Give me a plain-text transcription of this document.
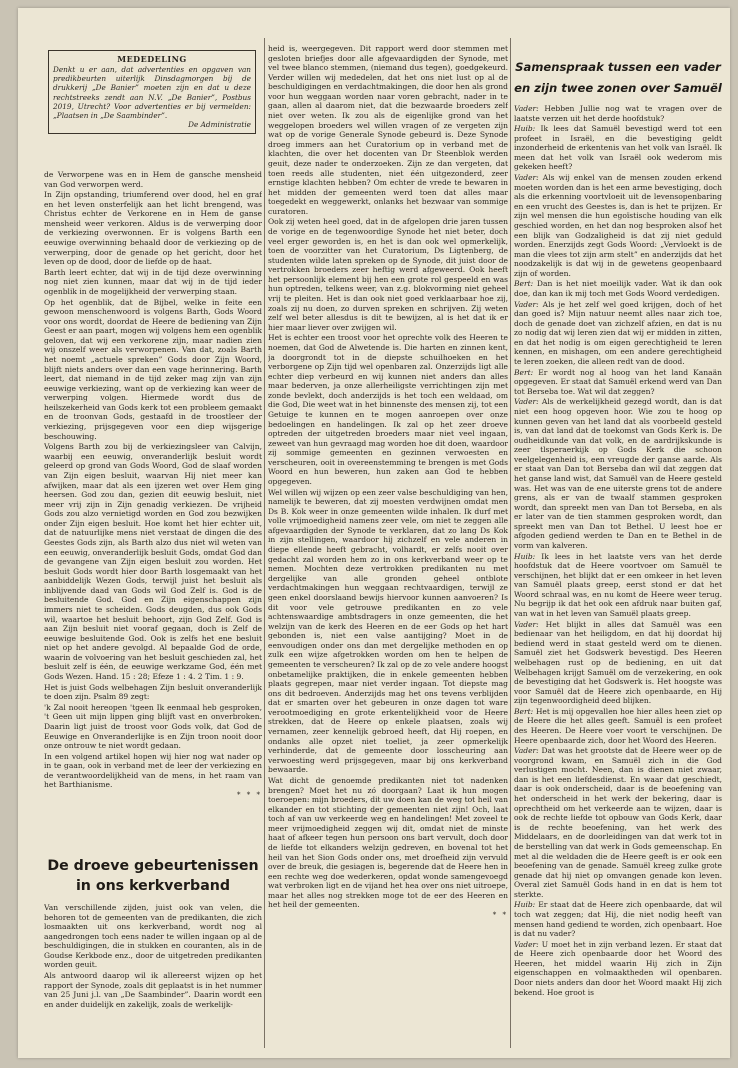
MEDEDELING

Denkt u er aan, dat advertenties en opgaven van predikbeurten uiterlijk Dinsdagmorgen bij de drukkerij „De Banier” moeten zijn en dat u deze rechtstreeks zendt aan N.V. „De Banier”, Postbus 2019, Utrecht? Voor advertenties er bij vermelden: „Plaatsen in „De Saambinder”.

De Administratie

de Verworpene was en in Hem de gansche mensheid van God verworpen werd.

In Zijn opstanding, triumferend over dood, hel en graf en het leven onsterfelijk aan het licht brengend, was Christus echter de Verkorene en in Hem de ganse mensheid weer verkoren. Aldus is de verwerping door de verkiezing overwonnen. Er is volgens Barth een eeuwige overwinning behaald door de verkiezing op de verwerping, door de genade op het gericht, door het leven op de dood, door de liefde op de haat.

Barth leert echter, dat wij in de tijd deze overwinning nog niet zien kunnen, maar dat wij in de tijd ieder ogenblik in de mogelijkheid der verwerping staan.

Op het ogenblik, dat de Bijbel, welke in feite een gewoon menschenwoord is volgens Barth, Gods Woord voor ons wordt, doordat de Heere de bediening van Zijn Geest er aan paart, mogen wij volgens hem een ogenblik geloven, dat wij een verkorene zijn, maar nadien zien wij onszelf weer als verworpenen. Van dat, zoals Barth het noemt „actuele spreken” Gods door Zijn Woord, blijft niets anders over dan een vage herinnering. Barth leert, dat niemand in de tijd zeker mag zijn van zijn eeuwige verkiezing, want op de verkiezing kan weer de verwerping volgen. Hiermede wordt dus de heilszekerheid van Gods kerk tot een probleem gemaakt en de troonvan Gods, gestaafd in de troostleer der verkiezing, prijsgegeven voor een diep wijsgerige beschouwing.

Volgens Barth zou bij de verkiezingsleer van Calvijn, waarbij een eeuwig, onveranderlijk besluit wordt geleerd op grond van Gods Woord, God de slaaf worden van Zijn eigen besluit, waarvan Hij niet meer kan afwijken, maar dat als een ijzeren wet over Hem ging heersen. God zou dan, gezien dit eeuwig besluit, niet meer vrij zijn in Zijn genadig verkiezen. De vrijheid Gods zou alzo vernietigd worden en God zou bezwijken onder Zijn eigen besluit. Hoe komt het hier echter uit, dat de natuurlijke mens niet verstaat de dingen die des Geestes Gods zijn, als Barth alzo dus niet wil weten van een eeuwig, onveranderlijk besluit Gods, omdat God dan de gevangene van Zijn eigen besluit zou worden. Het besluit Gods wordt hier door Barth losgemaakt van het aanbiddelijk Wezen Gods, terwijl juist het besluit als inblijvende daad van Gods wil God Zelf is. God is de besluitende God. God en Zijn eigenschappen zijn immers niet te scheiden. Gods deugden, dus ook Gods wil, waartoe het besluit behoort, zijn God Zelf. God is aan Zijn besluit niet vooraf gegaan, doch is Zelf de eeuwige besluitende God. Ook is zelfs het ene besluit niet op het andere gevolgd. Al bepaalde God de orde, waarin de volvoering van het besluit geschieden zal, het besluit zelf is één, de eeuwige werkzame God, één met Gods Wezen. Hand. 15 : 28; Efeze 1 : 4. 2 Tim. 1 : 9.

Het is juist Gods welbehagen Zijn besluit onveranderlijk te doen zijn. Psalm 89 zegt:

'k Zal nooit hereopen 'tgeen Ik eenmaal heb gesproken, 't Geen uit mijn lippen ging blijft vast en onverbroken. Daarin ligt juist de troost voor Gods volk, dat God de Eeuwige en Onveranderlijke is en Zijn troon nooit door onze ontrouw te niet wordt gedaan.

In een volgend artikel hopen wij hier nog wat nader op in te gaan, ook in verband met de leer der verkiezing en de verantwoordelijkheid van de mens, in het raam van het Barthianisme.

* * *
De droeve gebeurtenissen in ons kerkverband

Van verschillende zijden, juist ook van velen, die behoren tot de gemeenten van de predikanten, die zich losmaakten uit ons kerkverband, wordt nog al aangedrongen toch eens nader te willen ingaan op al de beschuldigingen, die in stukken en couranten, als in de Goudse Kerkbode enz., door de uitgetreden predikanten worden geuit.

Als antwoord daarop wil ik allereerst wijzen op het rapport der Synode, zoals dit geplaatst is in het nummer van 25 Juni j.l. van „De Saambinder”. Daarin wordt een en ander duidelijk en zakelijk, zoals de werkelijk-

heid is, weergegeven. Dit rapport werd door stemmen met gesloten briefjes door alle afgevaardigden der Synode, met vel twee blanco stemmen, (niemand dus tegen), goedgekeurd. Verder willen wij mededelen, dat het ons niet lust op al de beschuldigingen en verdachtmakingen, die door hen als grond voor hun weggaan worden naar voren gebracht, nader in te gaan, allen al daarom niet, dat die bezwaarde broeders zelf niet over weten. Ik zou als de eigenlijke grond van het weggelopen broeders wel willen vragen of ze vergeten zijn wat op de vorige Generale Synode gebeurd is. Deze Synode droeg immers aan het Curatorium op in verband met de klachten, die over het docenten van Dr Steenblok werden geuit, deze nader te onderzoeken. Zijn ze dan vergeten, dat toen reeds alle studenten, niet één uitgezonderd, zeer ernstige klachten hebben? Om echter de vrede te bewaren in het midden der gemeenten werd toen dat alles maar toegedekt en weggewerkt, onlanks het bezwaar van sommige curatoren.

Ook zij weten heel goed, dat in de afgelopen drie jaren tussen de vorige en de tegenwoordige Synode het niet beter, doch veel erger geworden is, en het is dan ook wel opmerkelijk, toen de voorzitter van het Curatorium, Ds Ligtenberg, de studenten wilde laten spreken op de Synode, dit juist door de vertrokken broeders zeer heftig werd afgeweerd. Ook heeft het persoonlijk element bij hen een grote rol gespeeld en was hun optreden, telkens weer, van z.g. blokvorming niet geheel vrij te pleiten. Het is dan ook niet goed verklaarbaar hoe zij, zoals zij nu doen, zo durven spreken en schrijven. Zij weten zelf wel beter allesdus is dit te bewijzen, al is het dat ik er hier maar liever over zwijgen wil.

Het is echter een troost voor het oprechte volk des Heeren te noemen, dat God de Alwetende is. Die harten en zinnen kent, ja doorgrondt tot in de diepste schuilhoeken en het verborgene op Zijn tijd wel openbaren zal. Onzerzijds ligt alle echter diep verbeurd en wij kunnen niet anders dan alles maar bederven, ja onze allerheiligste verrichtingen zijn met zonde bevlekt, doch anderzijds is het toch een weldaad, om die God, Die weet wat in het binnenste des mensen zij, tot een Getuige te kunnen en te mogen aanroepen over onze bedoelingen en handelingen. Ik zal op het zeer droeve optreden der uitgetreden broeders maar niet veel ingaan, zeweet van hun gevraagd mag worden hoe dit doen, waardoor zij sommige gemeenten en gezinnen verwoesten en verscheuren, ooit in overeenstemming te brengen is met Gods Woord en hun beweren, hun zaken aan God te hebben opgegeven.

Wel willen wij wijzen op een zeer valse beschuldiging van hen, namelijk te beweren, dat zij moesten verdwijnen omdat men Ds B. Kok weer in onze gemeenten wilde inhalen. Ik durf met volle vrijmoedigheid namens zeer vele, om niet te zeggen alle afgevaardigden der Synode te verklaren, dat zo lang Ds Kok in zijn stellingen, waardoor hij zichzelf en vele anderen in diepe ellende heeft gebracht, volhardt, er zelfs nooit over gedacht zal worden hem zo in ons kerkverband weer op te nemen. Mochten deze vertrokken predikanten nu met dergelijke van alle gronden geheel ontblote verdachtmakingen hun weggaan rechtvaardigen, terwijl ze geen enkel doorslaand bewijs hiervoor kunnen aanvoeren? Is dit voor vele getrouwe predikanten en zo vele achtenswaardige ambtsdragers in onze gemeenten, die het welzijn van de kerk des Heeren en de eer Gods op het hart gebonden is, niet een valse aantijging? Moet in de eenvoudigen onder ons dan met dergelijke methoden en op zulk een wijze afgetrokken worden om hen te helpen de gemeenten te verscheuren? Ik zal op de zo vele andere hoogst onbetamelijke praktijken, die in enkele gemeenten hebben plaats gegrepen, maar niet verder ingaan. Tot diepste mag ons dit bedroeven. Anderzijds mag het ons tevens verblijden dat er smarten over het gebeuren in onze dagen tot ware verootmoediging en grote erkentelijkheid voor de Heere strekken, dat de Heere op enkele plaatsen, zoals wij vernamen, zeer kennelijk gebroed heeft, dat Hij roepen, en ondanks alle opzet niet toeliet, ja zeer opmerkelijk verhinderde, dat de gemeente door losscheuring aan verwoesting werd prijsgegeven, maar bij ons kerkverband bewaarde.

Wat dicht de genoemde predikanten niet tot nadenken brengen? Moet het nu zó doorgaan? Laat ik hun mogen toeroepen: mijn broeders, dit uw doen kan de weg tot heil van elkander en tot stichting der gemeenten niet zijn! Och, laat toch af van uw verkeerde weg en handelingen! Met zoveel te meer vrijmoedigheid zeggen wij dit, omdat niet de minste haat of afkeer tegen hun persoon ons bart vervult, doch door de liefde tot elkanders welzijn gedreven, en bovenal tot het heil van het Sion Gods onder ons, met droefheid zijn vervuld over de breuk, die gesiagen is, begerende dat de Heere hen in een rechte weg doe wederkeren, opdat wonde samengevoegd wat verbroken ligt en de vijand het hea over ons niet uitroepe, maar het alles nog strekken moge tot de eer des Heeren en het heil der gemeenten.

* *
Samenspraak tussen een vader en zijn twee zonen over Samuël

Vader: Hebben Jullie nog wat te vragen over de laatste verzen uit het derde hoofdstuk?

Huib: Ik lees dat Samuël bevestigd werd tot een profeet in Israël, en die bevestiging geldt inzonderheid de erkentenis van het volk van Israël. Ik meen dat het volk van Israël ook wederom mis gekeken heeft?

Vader: Als wij enkel van de mensen zouden erkend moeten worden dan is het een arme bevestiging, doch als die erkenning voortvloeit uit de levensopenbaring en een vrucht des Geestes is, dan is het te prijzen. Er zijn wel mensen die hun egoïstische houding van elk geschied worden, en het dan nog besproken alsof het een blijk van Godzaligheid is dat zij niet geduld worden. Enerzijds zegt Gods Woord: „Vervloekt is de man die vlees tot zijn arm stelt” en anderzijds dat het noodzakelijk is dat wij in de gewetens geopenbaard zijn of worden.

Bert: Dan is het niet moeilijk vader. Wat ik dan ook doe, dan kan ik mij toch met Gods Woord verdedigen.

Vader: Als je het zelf wel goed krijgen, doch of het dan goed is? Mijn natuur neemt alles naar zich toe, doch de genade doet van zichzelf afzien, en dat is nu zo nodig dat wij leren zien dat wij er midden in zitten, en dat het nodig is om eigen gerechtigheid te leren kennen, en mishagen, om een andere gerechtigheid te leren zoeken, die alleen redt van de dood.

Bert: Er wordt nog al hoog van het land Kanaän opgegeven. Er staat dat Samuël erkend werd van Dan tot Berseba toe. Wat wil dat zeggen?

Vader: Als de werkelijkheid gezegd wordt, dan is dat niet een hoog opgeven hoor. Wie zou te hoog op kunnen geven van het land dat als voorbeeld gesteld is, van dat land dat de toekomst van Gods Kerk is. De oudheidkunde van dat volk, en de aardrijkskunde is zeer tlsperaerkijk op Gods Kerk die schoon veelgelegenheid is, een vreugde der ganse aarde. Als er staat van Dan tot Berseba dan wil dat zeggen dat het ganse land wist, dat Samuël van de Heere gesteld was. Het was van de ene uiterste grens tot de andere grens, als er van de twaalf stammen gesproken wordt, dan spreekt men van Dan tot Berseba, en als er later van de tien stammen gesproken wordt, dan spreekt men van Dan tot Bethel. U leest hoe er afgoden gediend werden te Dan en te Bethel in de vorm van kalveren.

Huib: Ik lees in het laatste vers van het derde hoofdstuk dat de Heere voortvoer om Samuël te verschijnen, het blijkt dat er een omkeer in het leven van Samuël plaats greep, eerst stond er dat het Woord schraal was, en nu komt de Heere weer terug. Nu begrijp ik dat het ook een afdruk naar buiten gaf, van wat in het leven van Samuël plaats greep.

Vader: Het blijkt in alles dat Samuël was een bedienaar van het heiligdom, en dat hij doordat hij bediend werd in staat gesteld werd om te dienen. Samuël ziet het Godswerk bevestigd. Des Heeren welbehagen rust op de bediening, en uit dat Welbehagen krijgt Samuël om de verzekering, en ook de bevestiging dat het Godswerk is. Het hoogste was voor Samuël dat de Heere zich openbaarde, en Hij zijn tegenwoordigheid deed blijken.

Bert: Het is mij opgevallen hoe hier alles heen ziet op de Heere die het alles geeft. Samuël is een profeet des Heeren. De Heere voer voort te verschijnen. De Heere openbaarde zich, door het Woord des Heeren.

Vader: Dat was het grootste dat de Heere weer op de voorgrond kwam, en Samuël zich in die God verlustigen mocht. Neen, dan is dienen niet zwaar, dan is het een liefdesdienst. En waar dat geschiedt, daar is ook onderscheid, daar is de beoefening van het onderscheid in het werk der bekering, daar is oprechtheid om het verkeerde aan te wijzen, daar is ook de rechte liefde tot opbouw van Gods Kerk, daar is de rechte beoefening, van het werk des Middelaars, en de doorleidingen van dat werk tot in de berstelling van dat werk in Gods gemeenschap. En met al die weldaden die de Heere geeft is er ook een beoefening van de genade. Samuël kreeg zulke grote genade dat hij niet op omvangen genade kon leven. Overal ziet Samuël Gods hand in en dat is hem tot sterkte.

Huib: Er staat dat de Heere zich openbaarde, dat wil toch wat zeggen; dat Hij, die niet nodig heeft van mensen hand gediend te worden, zich openbaart. Hoe is dat nu vader?

Vader: U moet het in zijn verband lezen. Er staat dat de Heere zich openbaarde door het Woord des Heeren, het middel waarin Hij zich in Zijn eigenschappen en volmaaktheden wil openbaren. Door niets anders dan door het Woord maakt Hij zich bekend. Hoe groot is
